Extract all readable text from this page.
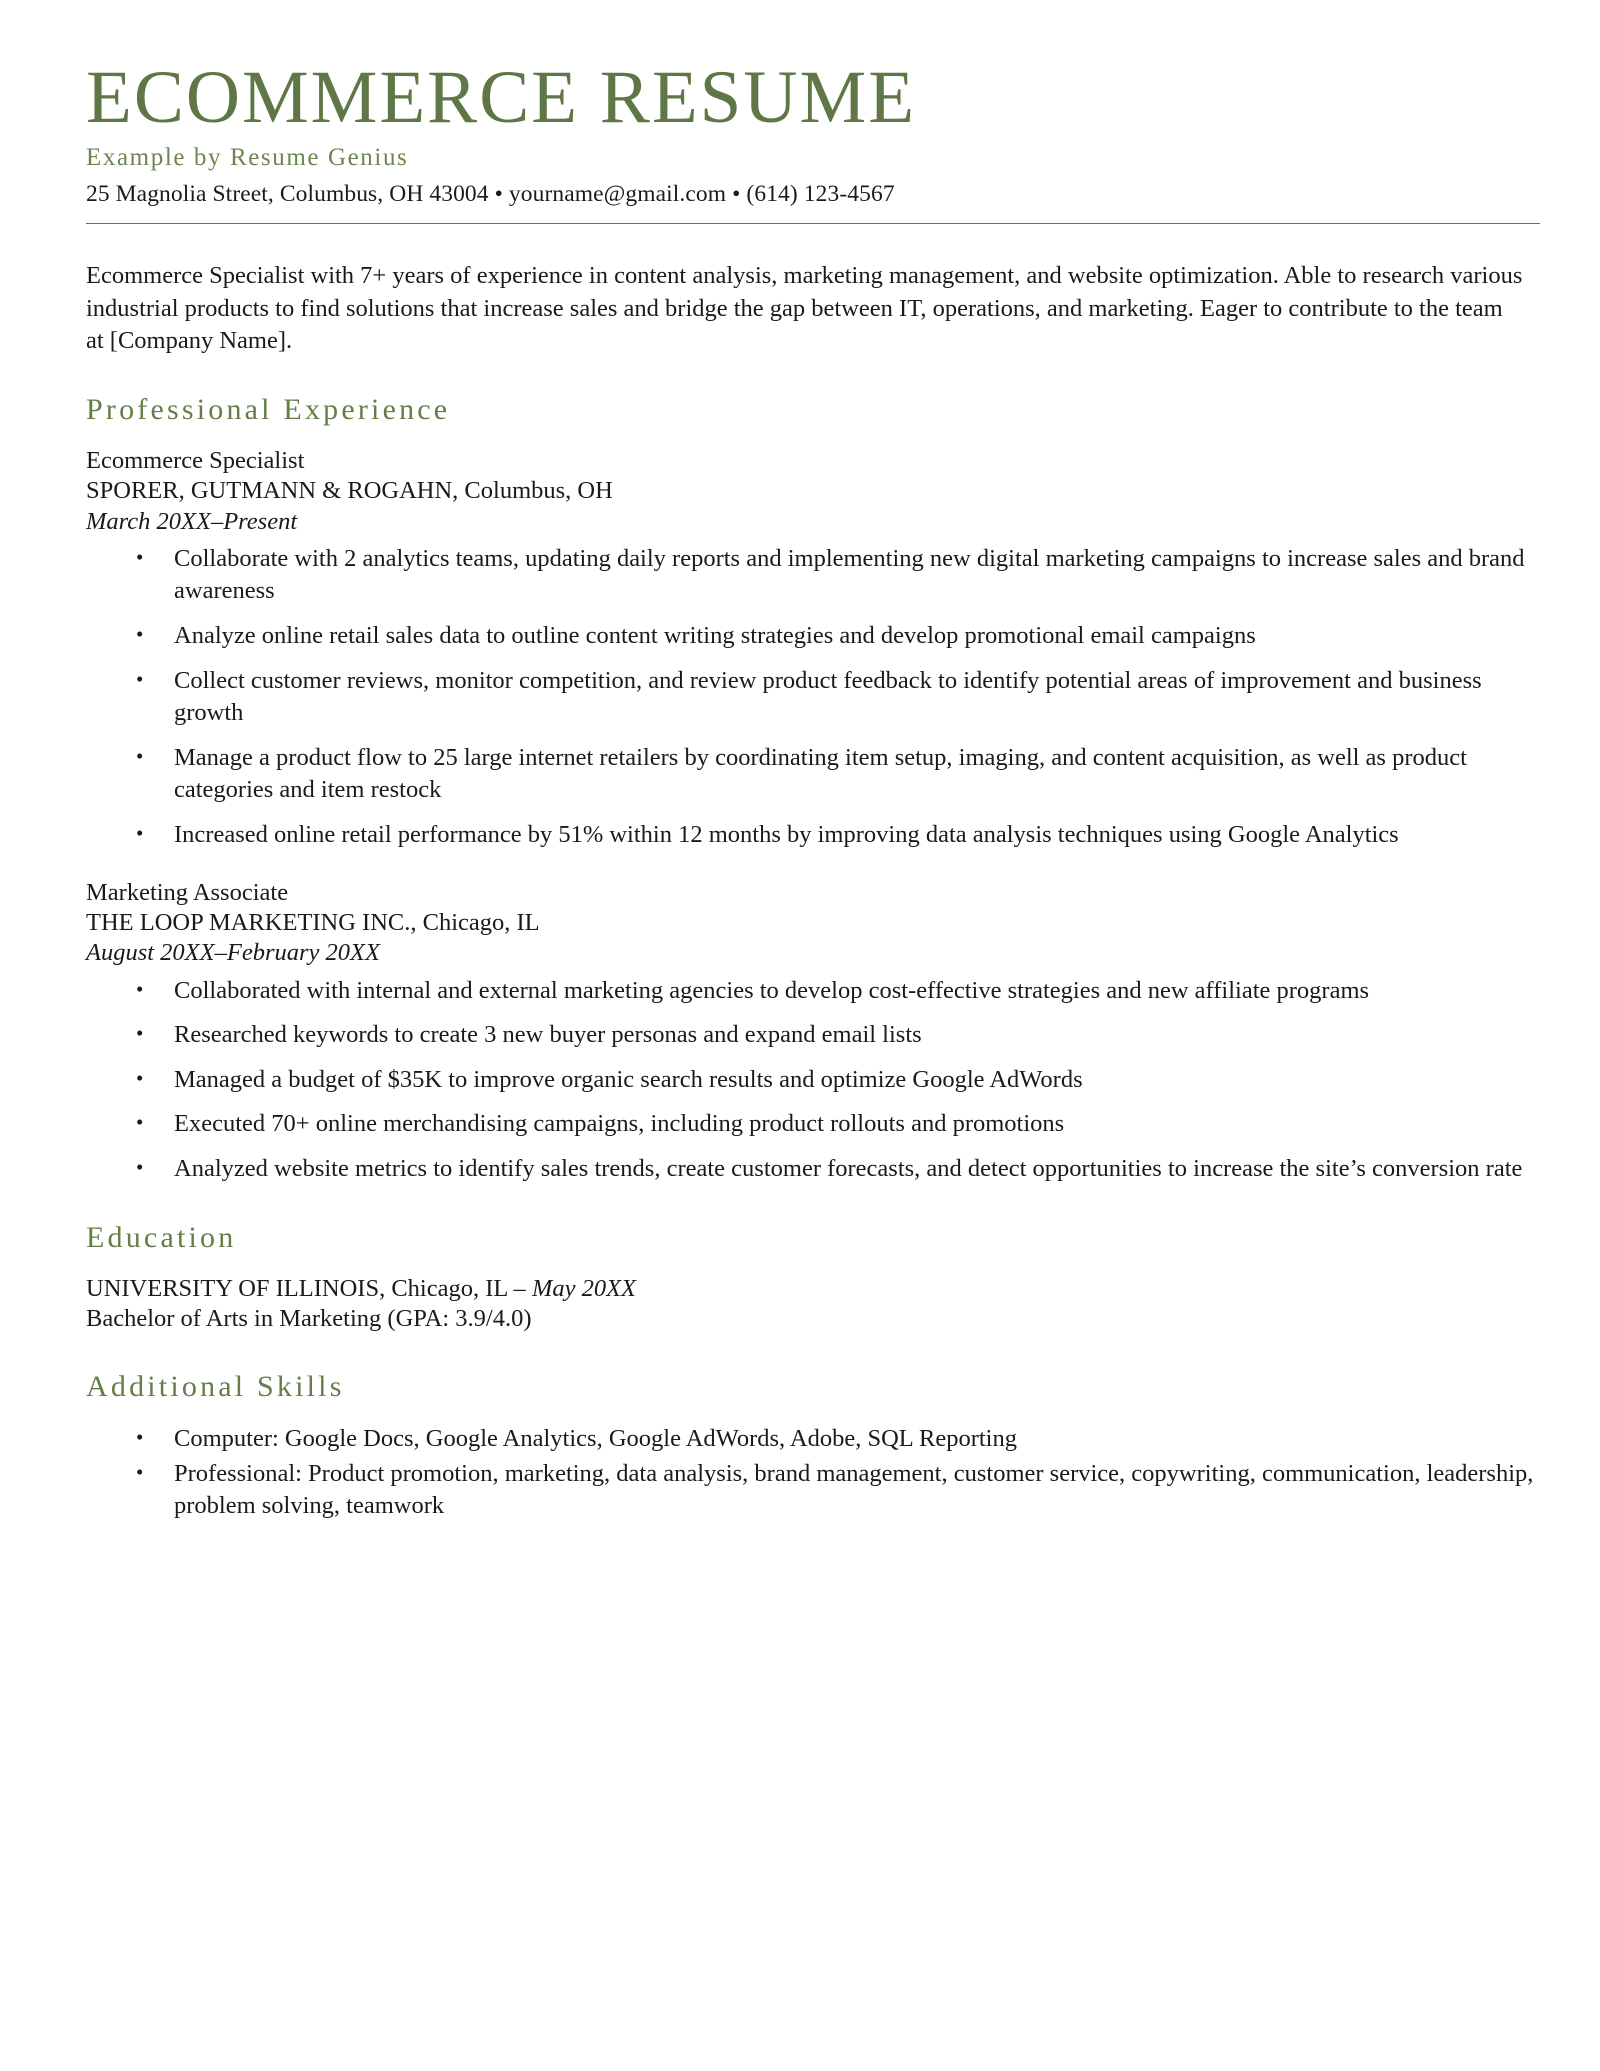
ECOMMERCE RESUME
Example by Resume Genius
25 Magnolia Street, Columbus, OH 43004 • yourname@gmail.com • (614) 123-4567

Ecommerce Specialist with 7+ years of experience in content analysis, marketing management, and website optimization. Able to research various industrial products to find solutions that increase sales and bridge the gap between IT, operations, and marketing. Eager to contribute to the team at [Company Name].

Professional Experience
Ecommerce Specialist
SPORER, GUTMANN & ROGAHN, Columbus, OH
March 20XX–Present
• Collaborate with 2 analytics teams, updating daily reports and implementing new digital marketing campaigns to increase sales and brand awareness
• Analyze online retail sales data to outline content writing strategies and develop promotional email campaigns
• Collect customer reviews, monitor competition, and review product feedback to identify potential areas of improvement and business growth
• Manage a product flow to 25 large internet retailers by coordinating item setup, imaging, and content acquisition, as well as product categories and item restock
• Increased online retail performance by 51% within 12 months by improving data analysis techniques using Google Analytics
Marketing Associate
THE LOOP MARKETING INC., Chicago, IL
August 20XX–February 20XX
• Collaborated with internal and external marketing agencies to develop cost-effective strategies and new affiliate programs
• Researched keywords to create 3 new buyer personas and expand email lists
• Managed a budget of $35K to improve organic search results and optimize Google AdWords
• Executed 70+ online merchandising campaigns, including product rollouts and promotions
• Analyzed website metrics to identify sales trends, create customer forecasts, and detect opportunities to increase the site’s conversion rate
Education

UNIVERSITY OF ILLINOIS, Chicago, IL – May 20XX

Bachelor of Arts in Marketing (GPA: 3.9/4.0)

Additional Skills
• Computer: Google Docs, Google Analytics, Google AdWords, Adobe, SQL Reporting
• Professional: Product promotion, marketing, data analysis, brand management, customer service, copywriting, communication, leadership, problem solving, teamwork
